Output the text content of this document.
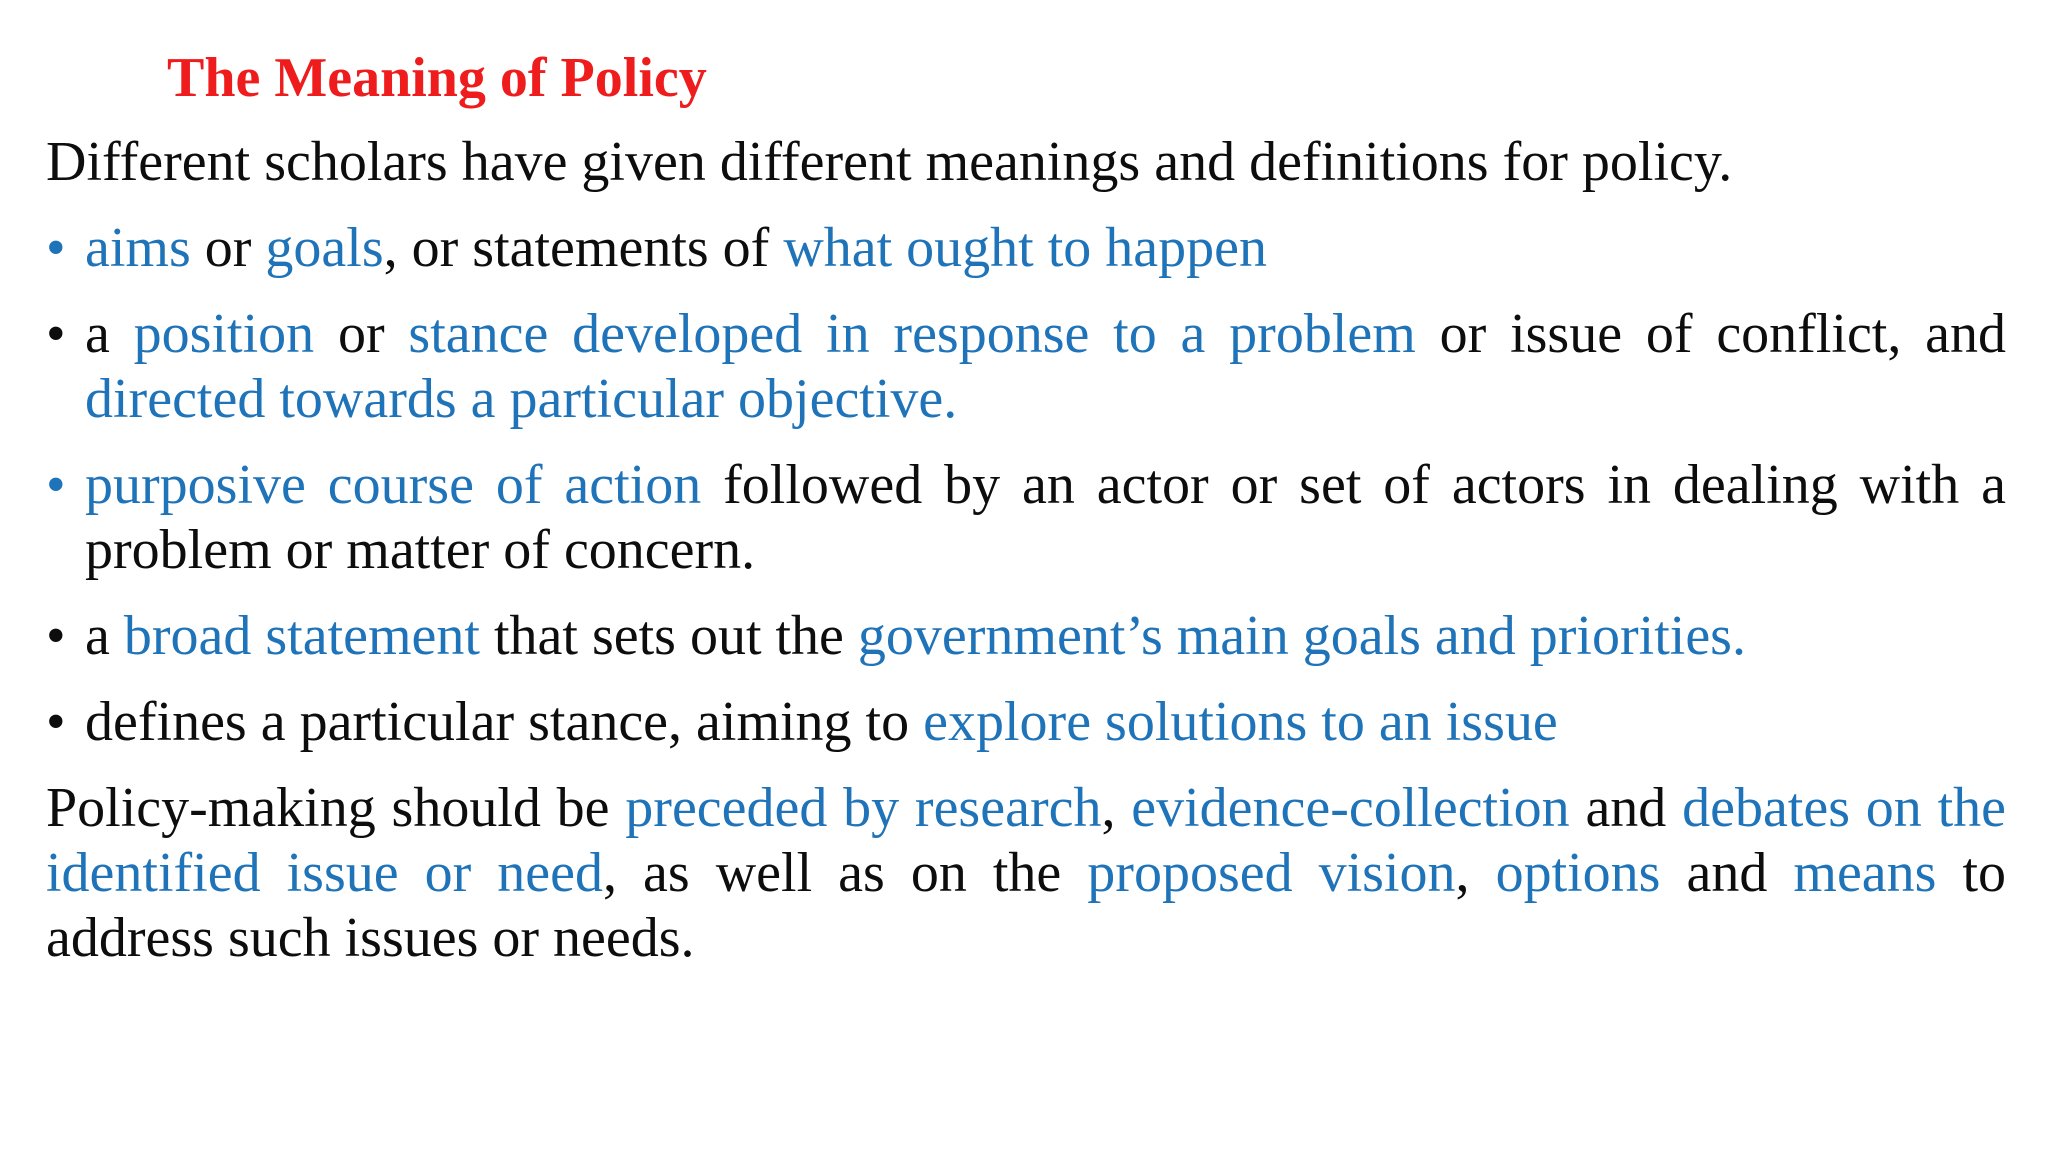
The Meaning of Policy

Different scholars have given different meanings and definitions for policy.

• aims or goals, or statements of what ought to happen
• a position or stance developed in response to a problem or issue of conflict, and directed towards a particular objective.
• purposive course of action followed by an actor or set of actors in dealing with a problem or matter of concern.
• a broad statement that sets out the government’s main goals and priorities.
• defines a particular stance, aiming to explore solutions to an issue

Policy-making should be preceded by research, evidence-collection and debates on the identified issue or need, as well as on the proposed vision, options and means to address such issues or needs.
